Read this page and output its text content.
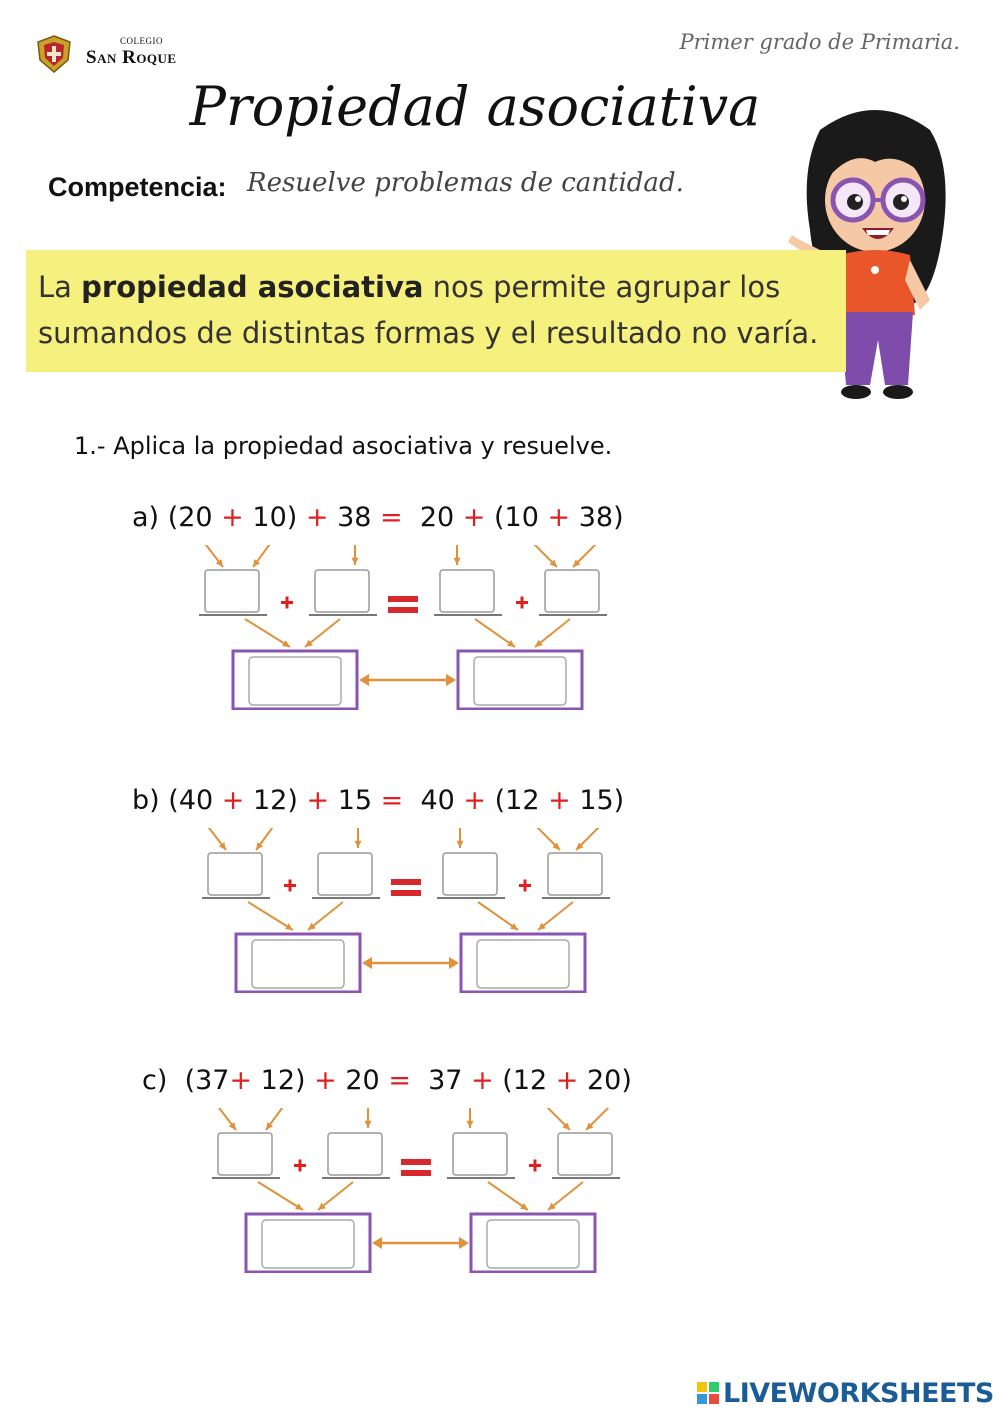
COLEGIO
San Roque
Primer grado de Primaria.
Propiedad asociativa
Competencia: Resuelve problemas de cantidad.
La propiedad asociativa nos permite agrupar los sumandos de distintas formas y el resultado no varía.
1.- Aplica la propiedad asociativa y resuelve.
a) (20 + 10) + 38 = 20 + (10 + 38)
b) (40 + 12) + 15 = 40 + (12 + 15)
c) (37+ 12) + 20 = 37 + (12 + 20)
LIVEWORKSHEETS
